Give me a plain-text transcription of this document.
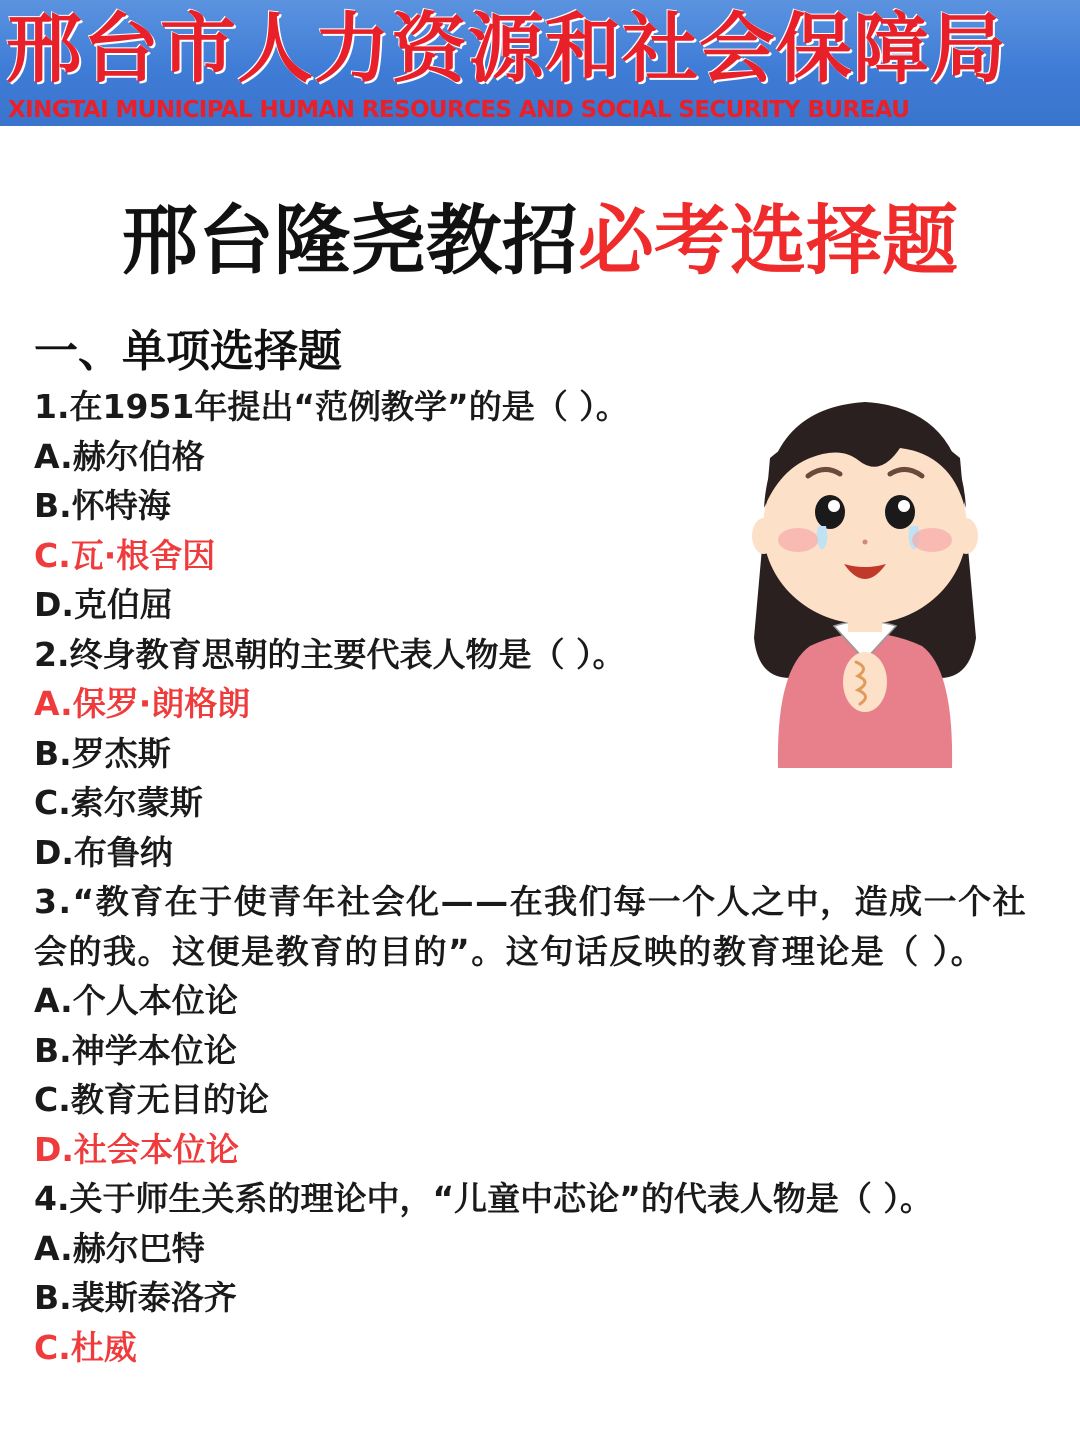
邢台市人力资源和社会保障局
XINGTAI MUNICIPAL HUMAN RESOURCES AND SOCIAL SECURITY BUREAU
邢台隆尧教招必考选择题
一、单项选择题
1.在1951年提出“范例教学”的是（ ）。
A.赫尔伯格
B.怀特海
C.瓦·根舍因
D.克伯屈
2.终身教育思朝的主要代表人物是（ ）。
A.保罗·朗格朗
B.罗杰斯
C.索尔蒙斯
D.布鲁纳
3.“教育在于使青年社会化——在我们每一个人之中，造成一个社会的我。这便是教育的目的”。这句话反映的教育理论是（ ）。
A.个人本位论
B.神学本位论
C.教育无目的论
D.社会本位论
4.关于师生关系的理论中，“儿童中芯论”的代表人物是（ ）。
A.赫尔巴特
B.裴斯泰洛齐
C.杜威
